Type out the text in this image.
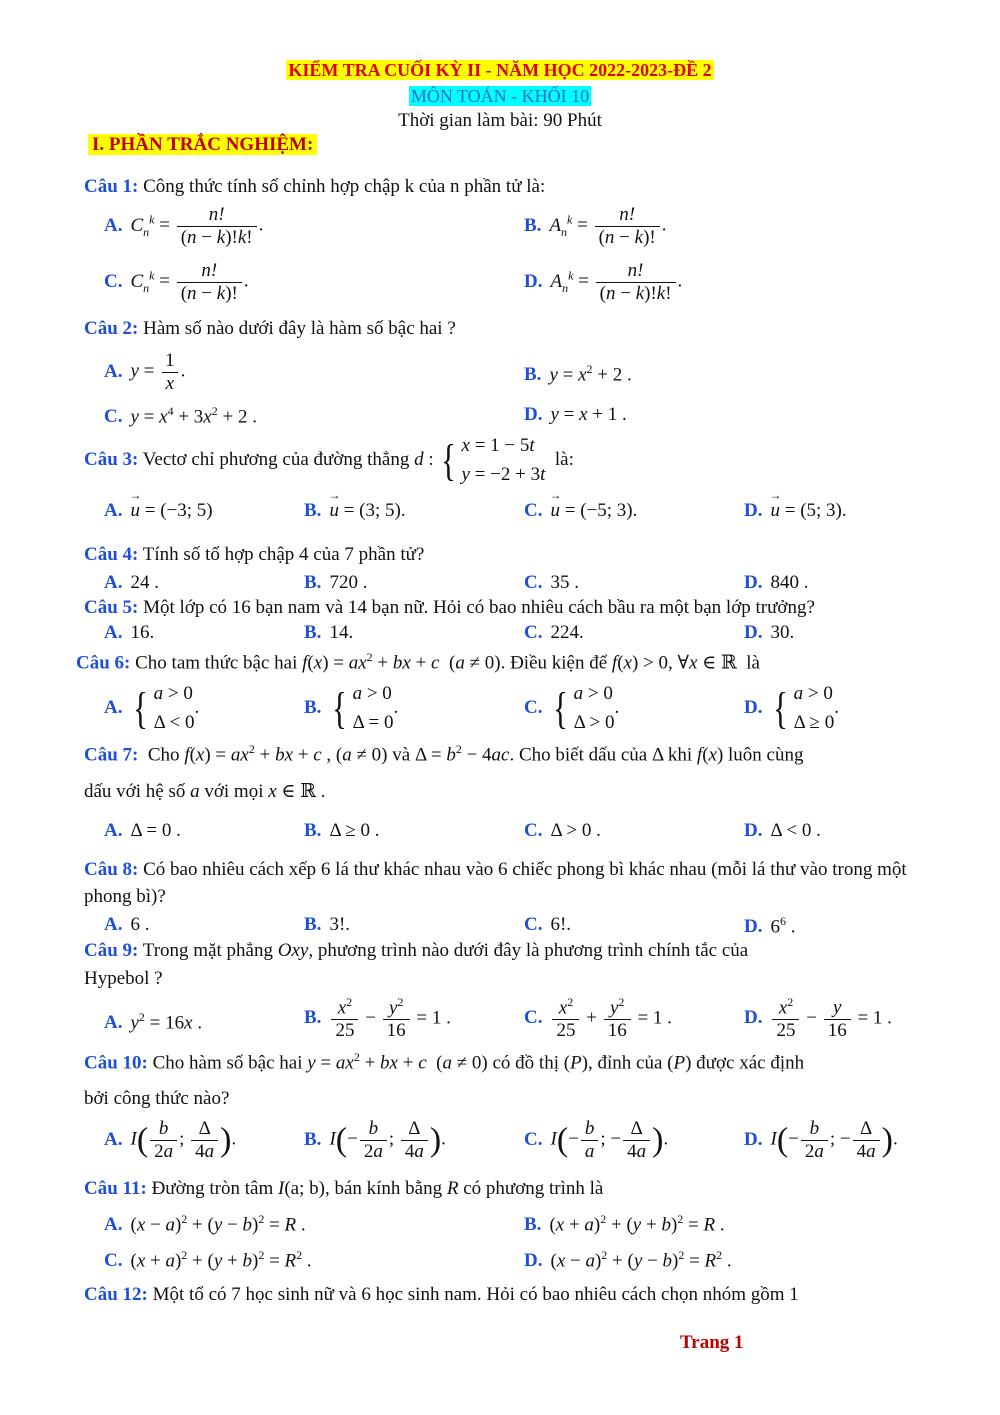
KIỂM TRA CUỐI KỲ II - NĂM HỌC 2022-2023-ĐỀ 2
MÔN TOÁN - KHỐI 10
Thời gian làm bài: 90 Phút
I. PHẦN TRẮC NGHIỆM:
Câu 1: Công thức tính số chỉnh hợp chập k của n phần tử là:
A. $C_n^k = \frac{n!}{(n - k)!k!}$ .	B. $A_n^k = \frac{n!}{(n - k)!}$ .
C. $C_n^k = \frac{n!}{(n - k)!}$ .	D. $A_n^k = \frac{n!}{(n - k)!k!}$ .
Câu 2: Hàm số nào dưới đây là hàm số bậc hai ?
A. $y = \frac{1}{x}$ .	B. $y = x^2 + 2$ .
C. $y = x^4 + 3x^2 + 2$ .	D. y = x + 1 .
Câu 3: Vectơ chỉ phương của đường thẳng d : { x = 1 − 5t
y = −2 + 3t
là:
A. → u = (−3; 5)	B. → u = (3; 5).	C. → u = (−5; 3).	D. → u = (5; 3).
Câu 4: Tính số tổ hợp chập 4 của 7 phần tử?
A. 24 .	B. 720 .	C. 35 .	D. 840 .
Câu 5: Một lớp có 16 bạn nam và 14 bạn nữ. Hỏi có bao nhiêu cách bầu ra một bạn lớp trưởng?
A. 16.	B. 14.	C. 224.	D. 30.
Câu 6: Cho tam thức bậc hai $f(x) = ax^2$ + bx + c  (a ≠ 0). Điều kiện để f(x) > 0, ∀x ∈ ℝ  là
A. { a > 0
Δ < 0
.	B. { a > 0
Δ = 0
.	C. { a > 0
Δ > 0
.	D. { a > 0
Δ ≥ 0
.
Câu 7: Cho $f(x) = ax^2$ + bx + c , (a ≠ 0) và $\Delta = b^2 - 4ac$. Cho biết dấu của Δ khi f(x) luôn cùng
dấu với hệ số a với mọi x ∈ ℝ .
A. Δ = 0 .	B. Δ ≥ 0 .	C. Δ > 0 .	D. Δ < 0 .
Câu 8: Có bao nhiêu cách xếp 6 lá thư khác nhau vào 6 chiếc phong bì khác nhau (mỗi lá thư vào trong một phong bì)?
A. 6 .	B. 3!.	C. 6!.	D. $6^6$ .
Câu 9: Trong mặt phẳng Oxy, phương trình nào dưới đây là phương trình chính tắc của
Hypebol ?
A. $y^2 = 16x$ .	B. $\frac{x^2}{25} - \frac{y^2}{16} = 1$ .	C. $\frac{x^2}{25} + \frac{y^2}{16} = 1$ .	D. $\frac{x^2}{25} - \frac{y}{16} = 1$ .
Câu 10: Cho hàm số bậc hai $y = ax^2$ + bx + c  (a ≠ 0) có đồ thị (P), đỉnh của (P) được xác định
bởi công thức nào?
A. $I( \frac{b}{2a}$ ; $\frac{\Delta}{4a}$ ).	B. $I(- \frac{b}{2a}$ ; $\frac{\Delta}{4a}$ ).	C. $I(- \frac{b}{a}$ ; − $\frac{\Delta}{4a}$ ).	D. $I(- \frac{b}{2a}$ ; − $\frac{\Delta}{4a}$ ).
Câu 11: Đường tròn tâm I(a; b), bán kính bằng R có phương trình là
A. $(x - a)^2 + (y - b)^2 = R$ .	B. $(x + a)^2 + (y + b)^2 = R$ .
C. $(x + a)^2 + (y + b)^2 = R^2$ .	D. $(x - a)^2 + (y - b)^2 = R^2$ .
Câu 12: Một tổ có 7 học sinh nữ và 6 học sinh nam. Hỏi có bao nhiêu cách chọn nhóm gồm 1
Trang 1
